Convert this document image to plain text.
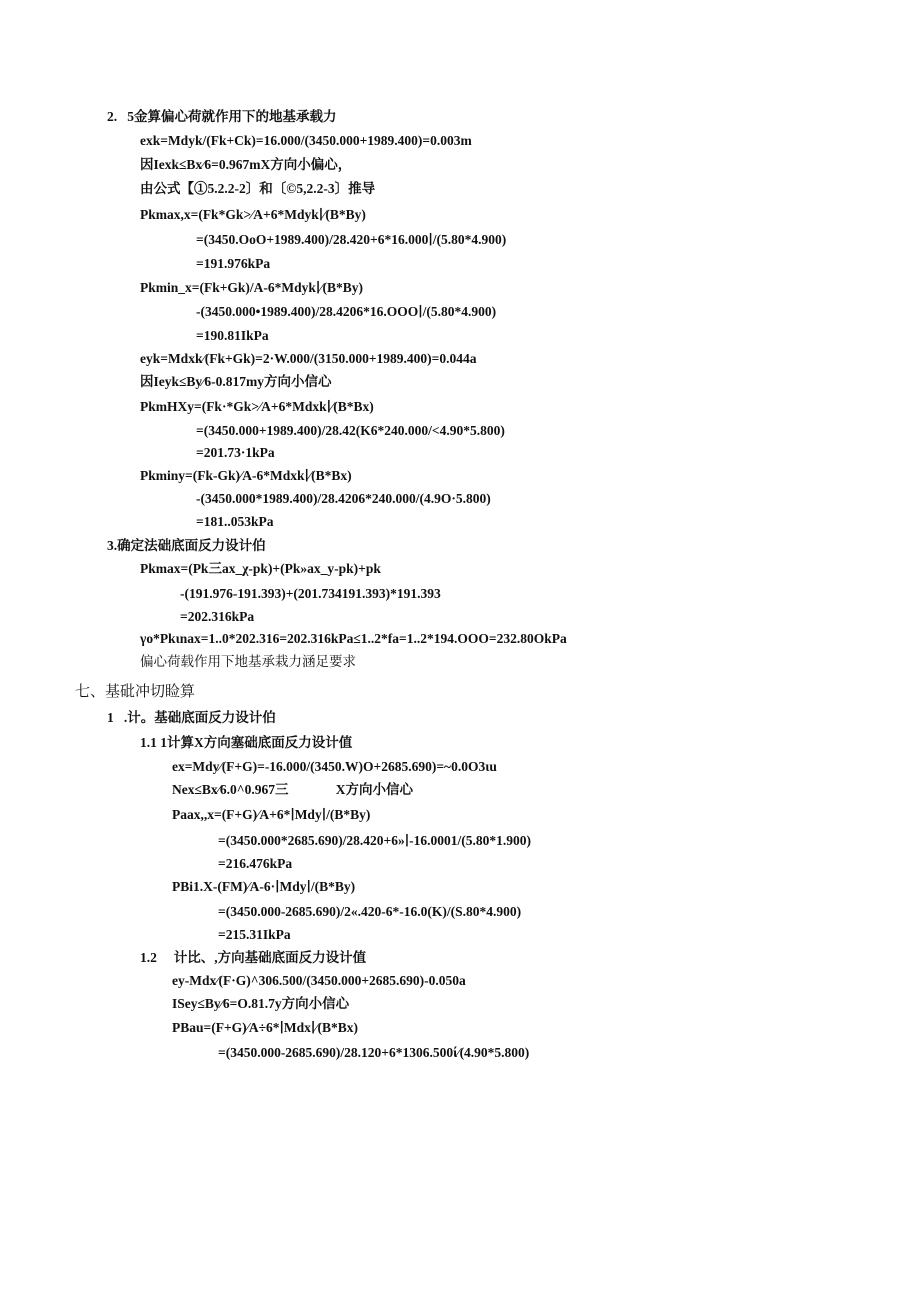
2.   5金算偏心荷就作用下的地基承载力
exk=Mdyk/(Fk+Ck)=16.000/(3450.000+1989.400)=0.003m
因Iexk≤Bx⁄6=0.967mX方向小偏心，
由公式【①5.2.2-2〕和〔©5,2.2-3〕推导
Pkmax,x=(Fk*Gk>⁄A+6*Mdyk∣⁄(B*By)
=(3450.OoO+1989.400)/28.420+6*16.000∣/(5.80*4.900)
=191.976kPa
Pkmin_x=(Fk+Gk)/A-6*Mdyk∣⁄(B*By)
-(3450.000•1989.400)/28.4206*16.OOO∣/(5.80*4.900)
=190.81IkPa
eyk=Mdxk⁄(Fk+Gk)=2·W.000/(3150.000+1989.400)=0.044a
因Ieyk≤By⁄6-0.817my方向小信心
PkmHXy=(Fk·*Gk>⁄A+6*Mdxk∣⁄(B*Bx)
=(3450.000+1989.400)/28.42(K6*240.000/<4.90*5.800)
=201.73·1kPa
Pkminy=(Fk-Gk)⁄A-6*Mdxk∣⁄(B*Bx)
-(3450.000*1989.400)/28.4206*240.000/(4.9O·5.800)
=181..053kPa
3.确定法础底面反力设计伯
Pkmax=(Pk三ax_χ-pk)+(Pk»ax_y-pk)+pk
-(191.976-191.393)+(201.734191.393)*191.393
=202.316kPa
γo*Pkιnax=1..0*202.316=202.316kPa≤1..2*fa=1..2*194.OOO=232.80OkPa
偏心荷载作用下地基承栽力涵足要求
七、基砒冲切睑算
1   .计。基础底面反力设计伯
1.1 1计算X方向塞础底面反力设计值
ex=Mdy⁄(F+G)=-16.000/(3450.W)O+2685.690)=~0.0O3ιu
Nex≤Bx⁄6.0^0.967三              X方向小信心
Paax,,x=(F+G)⁄A+6*∣Mdy∣/(B*By)
=(3450.000*2685.690)/28.420+6»∣-16.0001/(5.80*1.900)
=216.476kPa
PBi1.X-(FM)⁄A-6·∣Mdy∣/(B*By)
=(3450.000-2685.690)/2«.420-6*-16.0(K)/(S.80*4.900)
=215.31IkPa
1.2     计比、,方向基础底面反力设计值
ey-Mdx⁄(F·G)^306.500/(3450.000+2685.690)-0.050a
ISey≤By⁄6=O.81.7y方向小信心
PBau=(F+G)⁄A÷6*∣Mdx∣⁄(B*Bx)
=(3450.000-2685.690)/28.120+6*1306.500ί⁄(4.90*5.800)
